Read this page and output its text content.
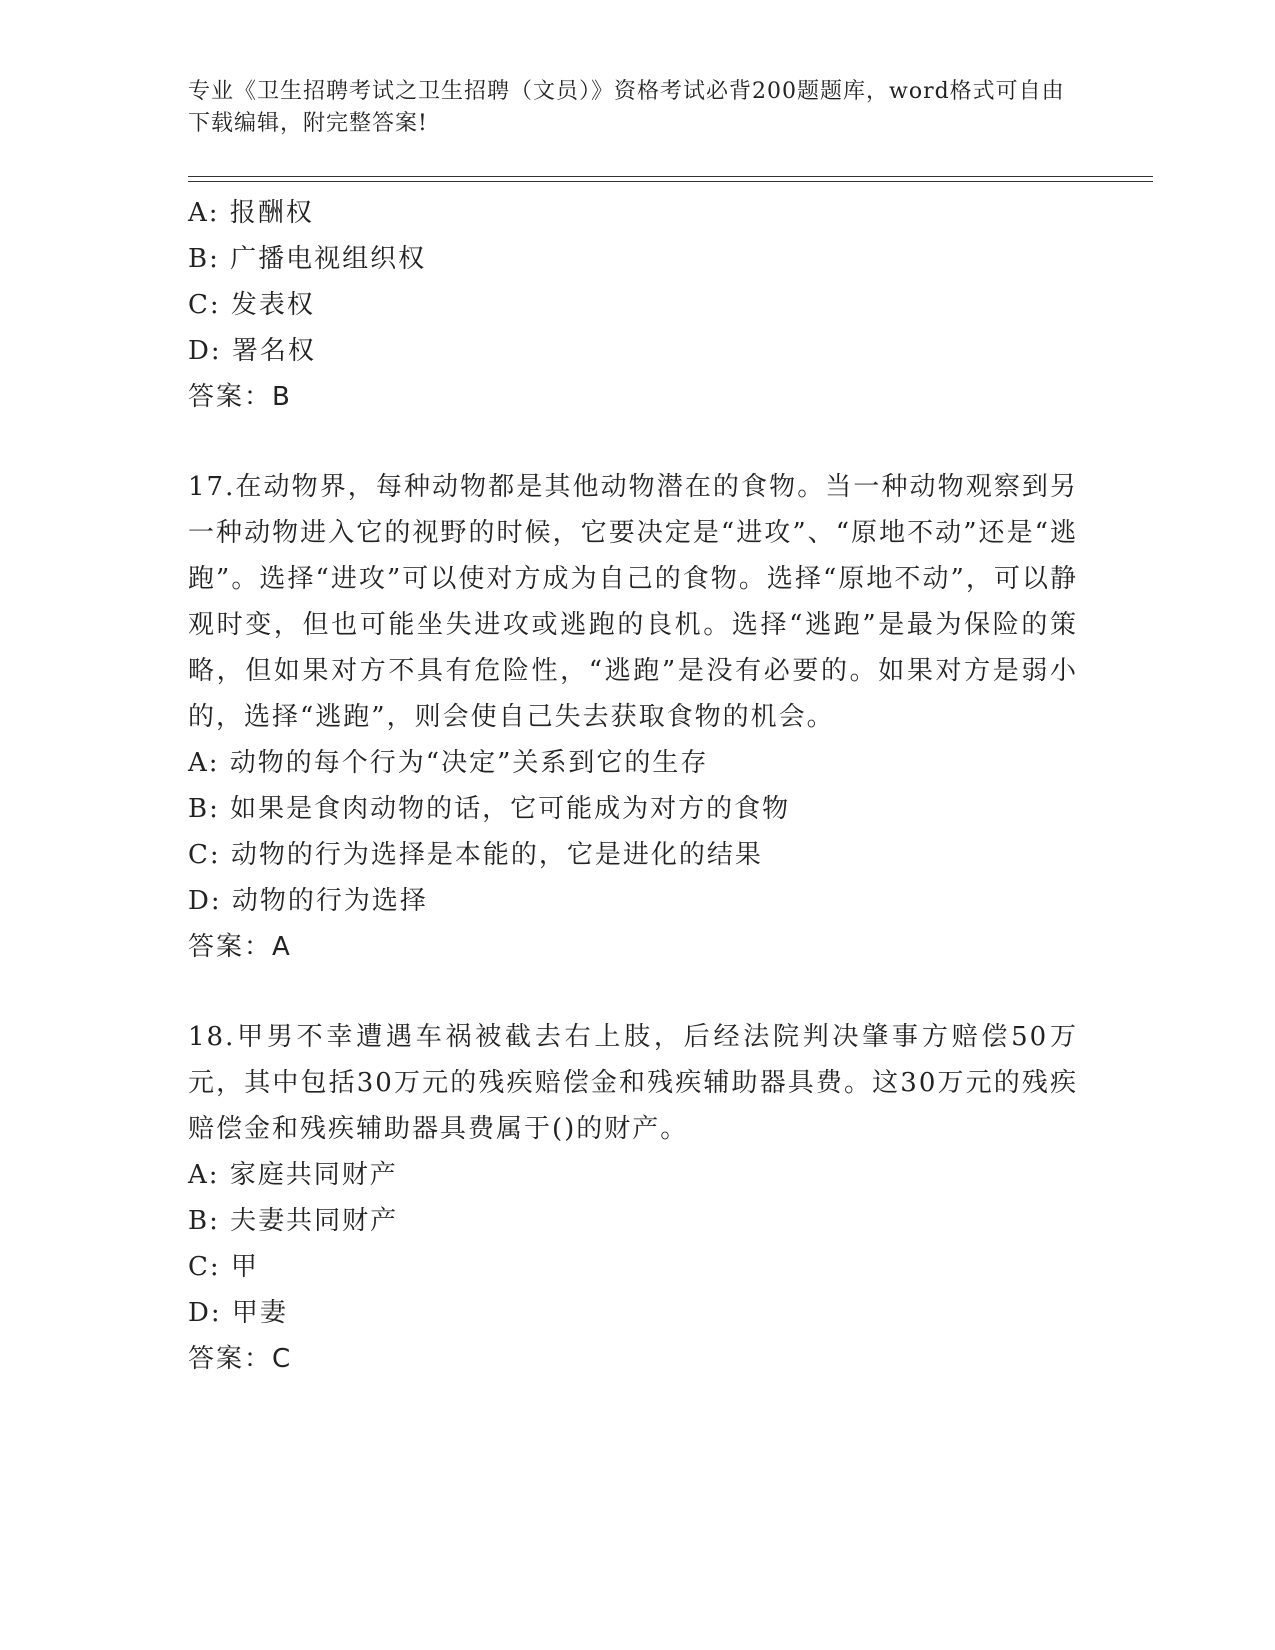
专业《卫生招聘考试之卫生招聘（文员）》资格考试必背200题题库，word格式可自由下载编辑，附完整答案!
A: 报酬权
B: 广播电视组织权
C: 发表权
D: 署名权
答案：B
17.在动物界，每种动物都是其他动物潜在的食物。当一种动物观察到另一种动物进入它的视野的时候，它要决定是“进攻”、“原地不动”还是“逃跑”。选择“进攻”可以使对方成为自己的食物。选择“原地不动”，可以静观时变，但也可能坐失进攻或逃跑的良机。选择“逃跑”是最为保险的策略，但如果对方不具有危险性，“逃跑”是没有必要的。如果对方是弱小的，选择“逃跑”，则会使自己失去获取食物的机会。
A: 动物的每个行为“决定”关系到它的生存
B: 如果是食肉动物的话，它可能成为对方的食物
C: 动物的行为选择是本能的，它是进化的结果
D: 动物的行为选择
答案：A
18.甲男不幸遭遇车祸被截去右上肢，后经法院判决肇事方赔偿50万元，其中包括30万元的残疾赔偿金和残疾辅助器具费。这30万元的残疾赔偿金和残疾辅助器具费属于()的财产。
A: 家庭共同财产
B: 夫妻共同财产
C: 甲
D: 甲妻
答案：C
